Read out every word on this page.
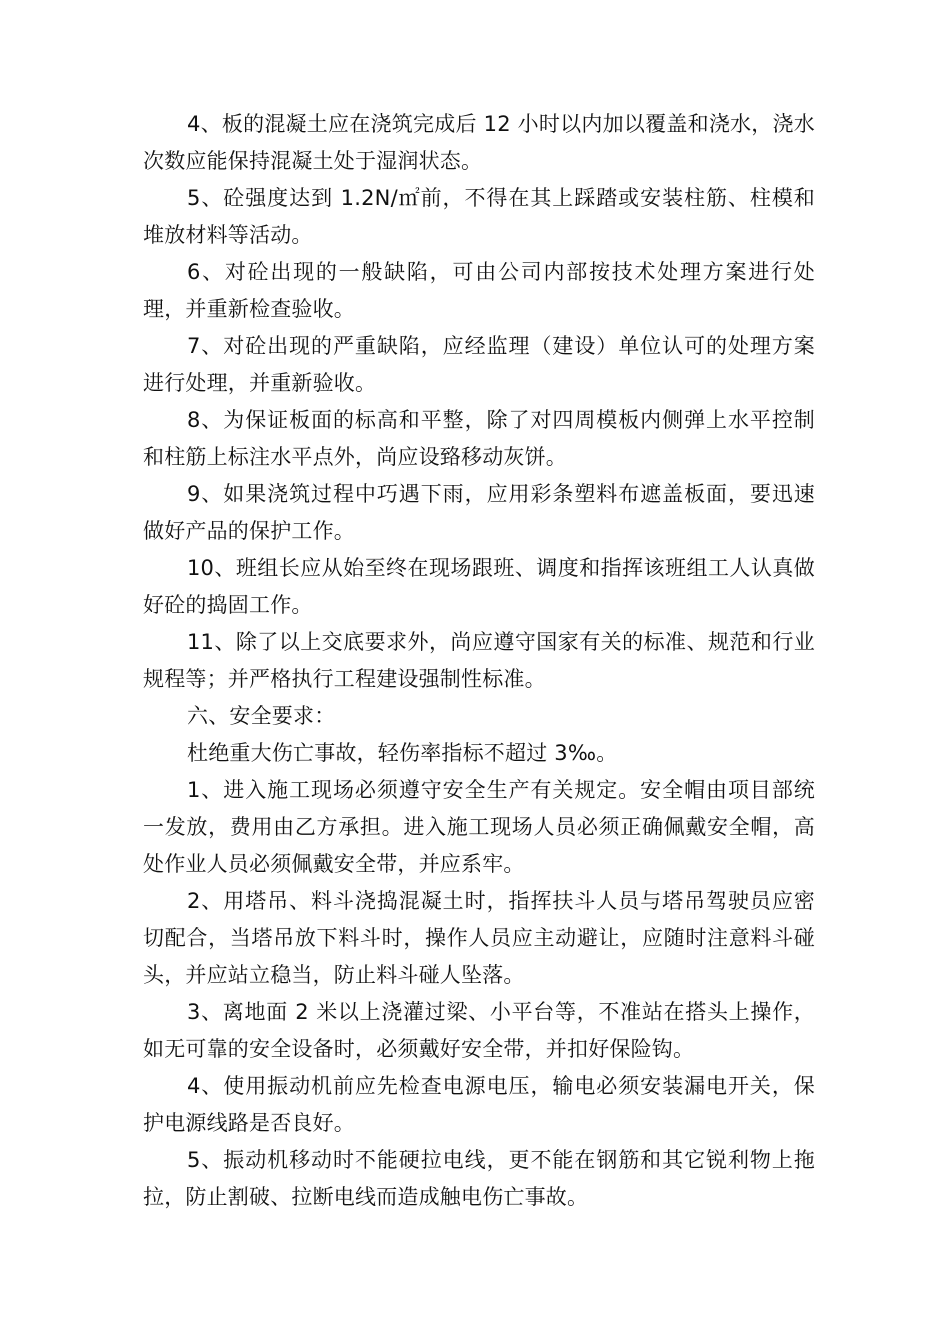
4、板的混凝土应在浇筑完成后 12 小时以内加以覆盖和浇水，浇水次数应能保持混凝土处于湿润状态。

5、砼强度达到 1.2N/㎡前，不得在其上踩踏或安装柱筋、柱模和堆放材料等活动。

6、对砼出现的一般缺陷，可由公司内部按技术处理方案进行处理，并重新检查验收。

7、对砼出现的严重缺陷，应经监理（建设）单位认可的处理方案进行处理，并重新验收。

8、为保证板面的标高和平整，除了对四周模板内侧弹上水平控制和柱筋上标注水平点外，尚应设臵移动灰饼。

9、如果浇筑过程中巧遇下雨，应用彩条塑料布遮盖板面，要迅速做好产品的保护工作。

10、班组长应从始至终在现场跟班、调度和指挥该班组工人认真做好砼的捣固工作。

11、除了以上交底要求外，尚应遵守国家有关的标准、规范和行业规程等；并严格执行工程建设强制性标准。

六、安全要求：

杜绝重大伤亡事故，轻伤率指标不超过 3‰。

1、进入施工现场必须遵守安全生产有关规定。安全帽由项目部统一发放，费用由乙方承担。进入施工现场人员必须正确佩戴安全帽，高处作业人员必须佩戴安全带，并应系牢。

2、用塔吊、料斗浇捣混凝土时，指挥扶斗人员与塔吊驾驶员应密切配合，当塔吊放下料斗时，操作人员应主动避让，应随时注意料斗碰头，并应站立稳当，防止料斗碰人坠落。

3、离地面 2 米以上浇灌过梁、小平台等，不准站在搭头上操作，如无可靠的安全设备时，必须戴好安全带，并扣好保险钩。

4、使用振动机前应先检查电源电压，输电必须安装漏电开关，保护电源线路是否良好。

5、振动机移动时不能硬拉电线，更不能在钢筋和其它锐利物上拖拉，防止割破、拉断电线而造成触电伤亡事故。
